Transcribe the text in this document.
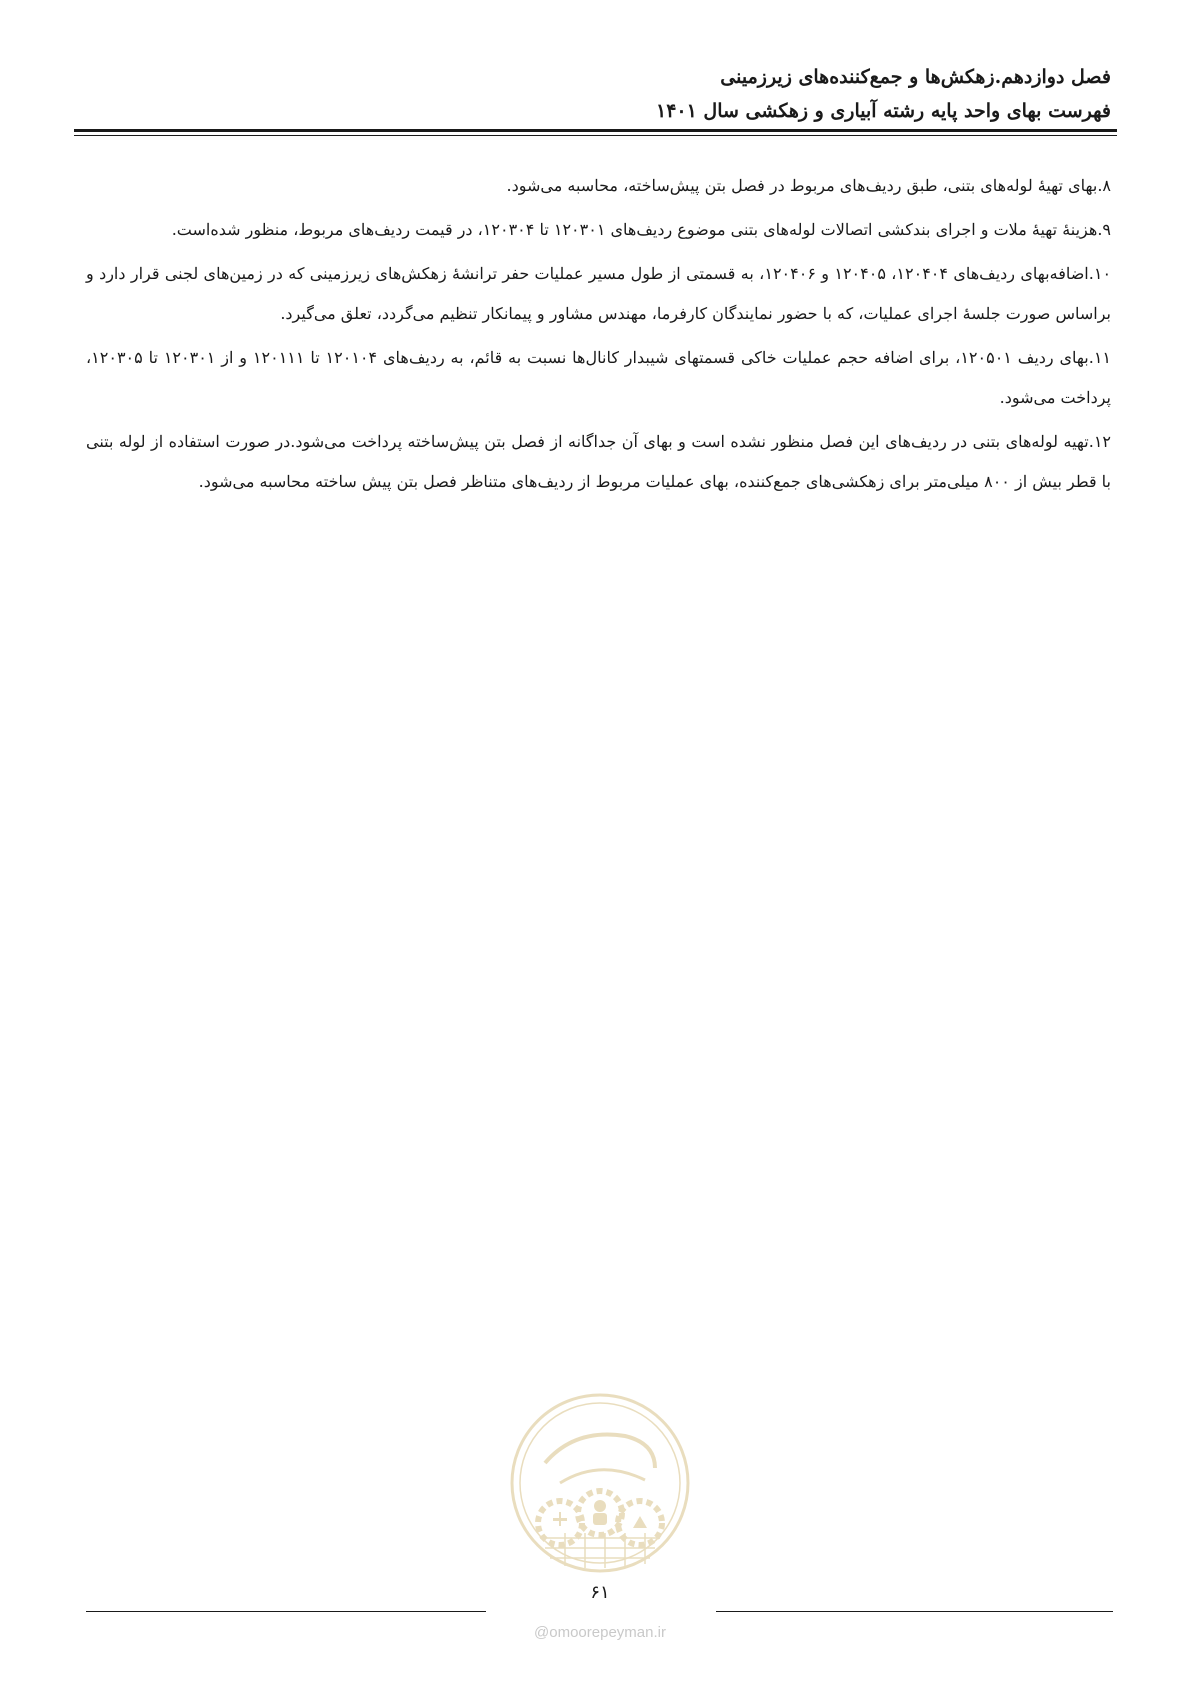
فصل دوازدهم.زهکش‌ها و جمع‌کننده‌های زیرزمینی
فهرست بهای واحد پایه رشته آبیاری و زهکشی سال ۱۴۰۱

۸.بهای تهیهٔ لوله‌های بتنی، طبق ردیف‌های مربوط در فصل بتن پیش‌ساخته، محاسبه می‌شود.

۹.هزینهٔ تهیهٔ ملات و اجرای بندکشی اتصالات لوله‌های بتنی موضوع ردیف‌های ۱۲۰۳۰۱ تا ۱۲۰۳۰۴، در قیمت ردیف‌های مربوط، منظور شده‌است.

۱۰.اضافه‌بهای ردیف‌های ۱۲۰۴۰۴، ۱۲۰۴۰۵ و ۱۲۰۴۰۶، به قسمتی از طول مسیر عملیات حفر ترانشهٔ زهکش‌های زیرزمینی که در زمین‌های لجنی قرار دارد و براساس صورت جلسهٔ اجرای عملیات، که با حضور نمایندگان کارفرما، مهندس مشاور و پیمانکار تنظیم می‌گردد، تعلق می‌گیرد.

۱۱.بهای ردیف ۱۲۰۵۰۱، برای اضافه حجم عملیات خاکی قسمتهای شیبدار کانال‌ها نسبت به قائم، به ردیف‌های ۱۲۰۱۰۴ تا ۱۲۰۱۱۱ و از ۱۲۰۳۰۱ تا ۱۲۰۳۰۵، پرداخت می‌شود.

۱۲.تهیه لوله‌های بتنی در ردیف‌های این فصل منظور نشده است و بهای آن جداگانه از فصل بتن پیش‌ساخته پرداخت می‌شود.در صورت استفاده از لوله بتنی با قطر بیش از ۸۰۰ میلی‌متر برای زهکشی‌های جمع‌کننده، بهای عملیات مربوط از ردیف‌های متناظر فصل بتن پیش ساخته محاسبه می‌شود.

۶۱
@omoorepeyman.ir
